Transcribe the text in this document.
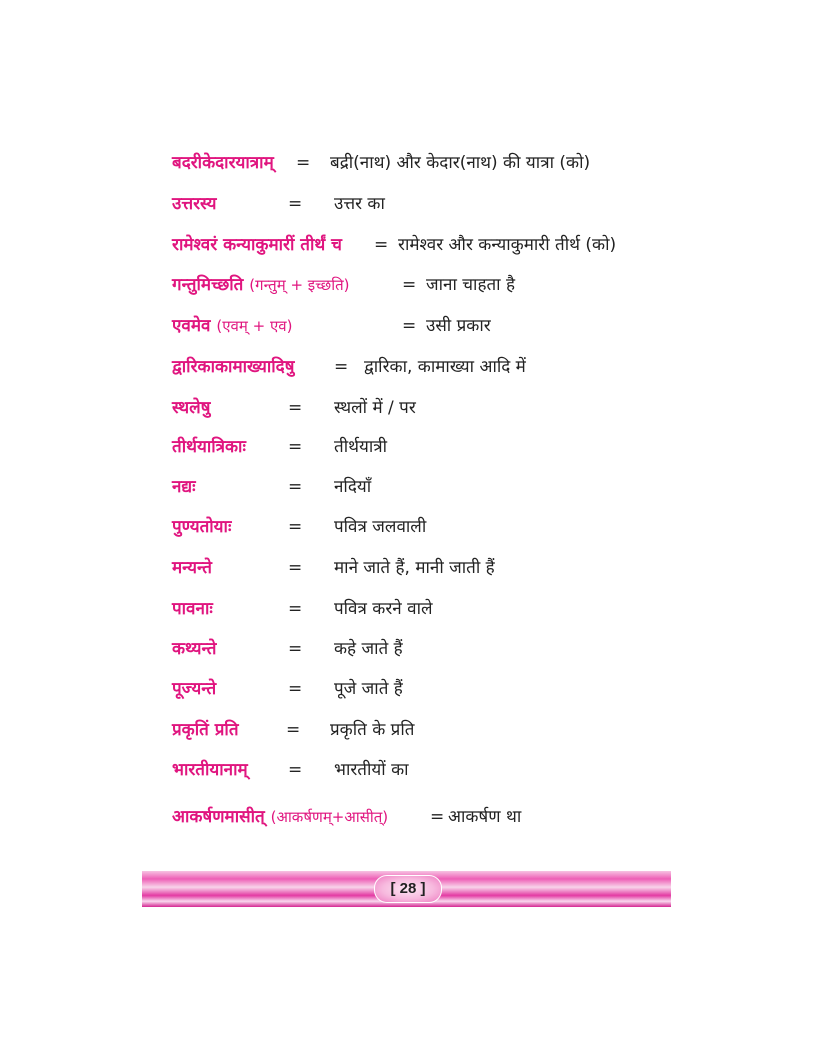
बदरीकेदारयात्राम् = बद्री(नाथ) और केदार(नाथ) की यात्रा (को)
उत्तरस्य	= उत्तर का
रामेश्वरं कन्याकुमारीं तीर्थं च = रामेश्वर और कन्याकुमारी तीर्थ (को)
गन्तुमिच्छति (गन्तुम् + इच्छति)	= जाना चाहता है
एवमेव (एवम् + एव)	= उसी प्रकार
द्वारिकाकामाख्यादिषु = द्वारिका, कामाख्या आदि में
स्थलेषु	= स्थलों में / पर
तीर्थयात्रिकाः = तीर्थयात्री
नद्यः	= नदियाँ
पुण्यतोयाः	= पवित्र जलवाली
मन्यन्ते	= माने जाते हैं, मानी जाती हैं
पावनाः	= पवित्र करने वाले
कथ्यन्ते	= कहे जाते हैं
पूज्यन्ते	= पूजे जाते हैं
प्रकृतिं प्रति	= प्रकृति के प्रति
भारतीयानाम् = भारतीयों का
आकर्षणमासीत् (आकर्षणम्+आसीत्) = आकर्षण था
[ 28 ]
